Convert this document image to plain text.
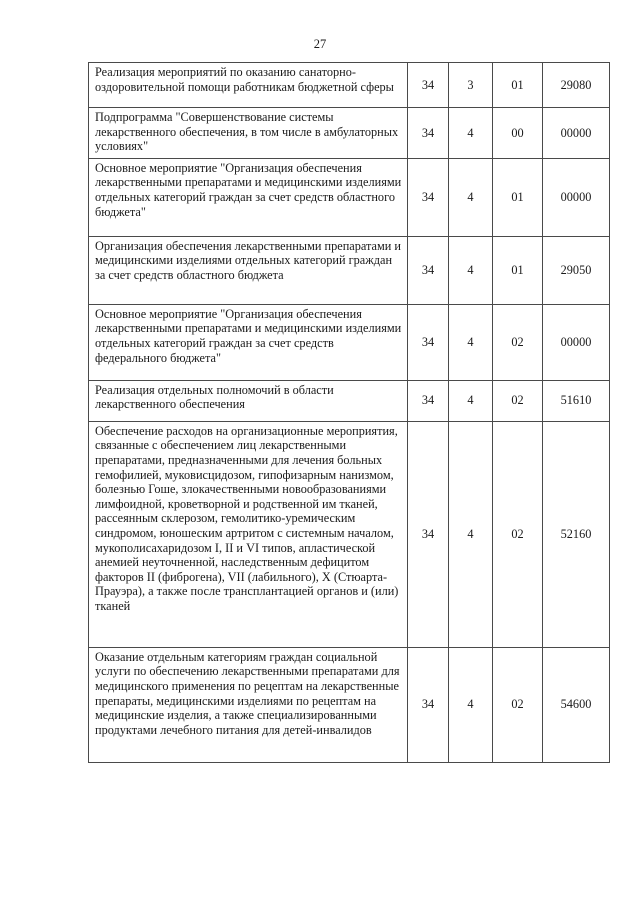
27
Реализация мероприятий по оказанию санаторно-оздоровительной помощи работникам бюджетной сферы	34	3	01	29080
Подпрограмма "Совершенствование системы лекарственного обеспечения, в том числе в амбулаторных условиях"	34	4	00	00000
Основное мероприятие "Организация обеспечения лекарственными препаратами и медицинскими изделиями отдельных категорий граждан за счет средств областного бюджета"	34	4	01	00000
Организация обеспечения лекарственными препаратами и медицинскими изделиями отдельных категорий граждан за счет средств областного бюджета	34	4	01	29050
Основное мероприятие "Организация обеспечения лекарственными препаратами и медицинскими изделиями отдельных категорий граждан за счет средств федерального бюджета"	34	4	02	00000
Реализация отдельных полномочий в области лекарственного обеспечения	34	4	02	51610
Обеспечение расходов на организационные мероприятия, связанные с обеспечением лиц лекарственными препаратами, предназначенными для лечения больных гемофилией, муковисцидозом, гипофизарным нанизмом, болезнью Гоше, злокачественными новообразованиями лимфоидной, кроветворной и родственной им тканей, рассеянным склерозом, гемолитико-уремическим синдромом, юношеским артритом с системным началом, мукополисахаридозом I, II и VI типов, апластической анемией неуточненной, наследственным дефицитом факторов II (фиброгена), VII (лабильного), X (Стюарта-Прауэра), а также после трансплантацией органов и (или) тканей	34	4	02	52160
Оказание отдельным категориям граждан социальной услуги по обеспечению лекарственными препаратами для медицинского применения по рецептам на лекарственные препараты, медицинскими изделиями по рецептам на медицинские изделия, а также специализированными продуктами лечебного питания для детей-инвалидов	34	4	02	54600
